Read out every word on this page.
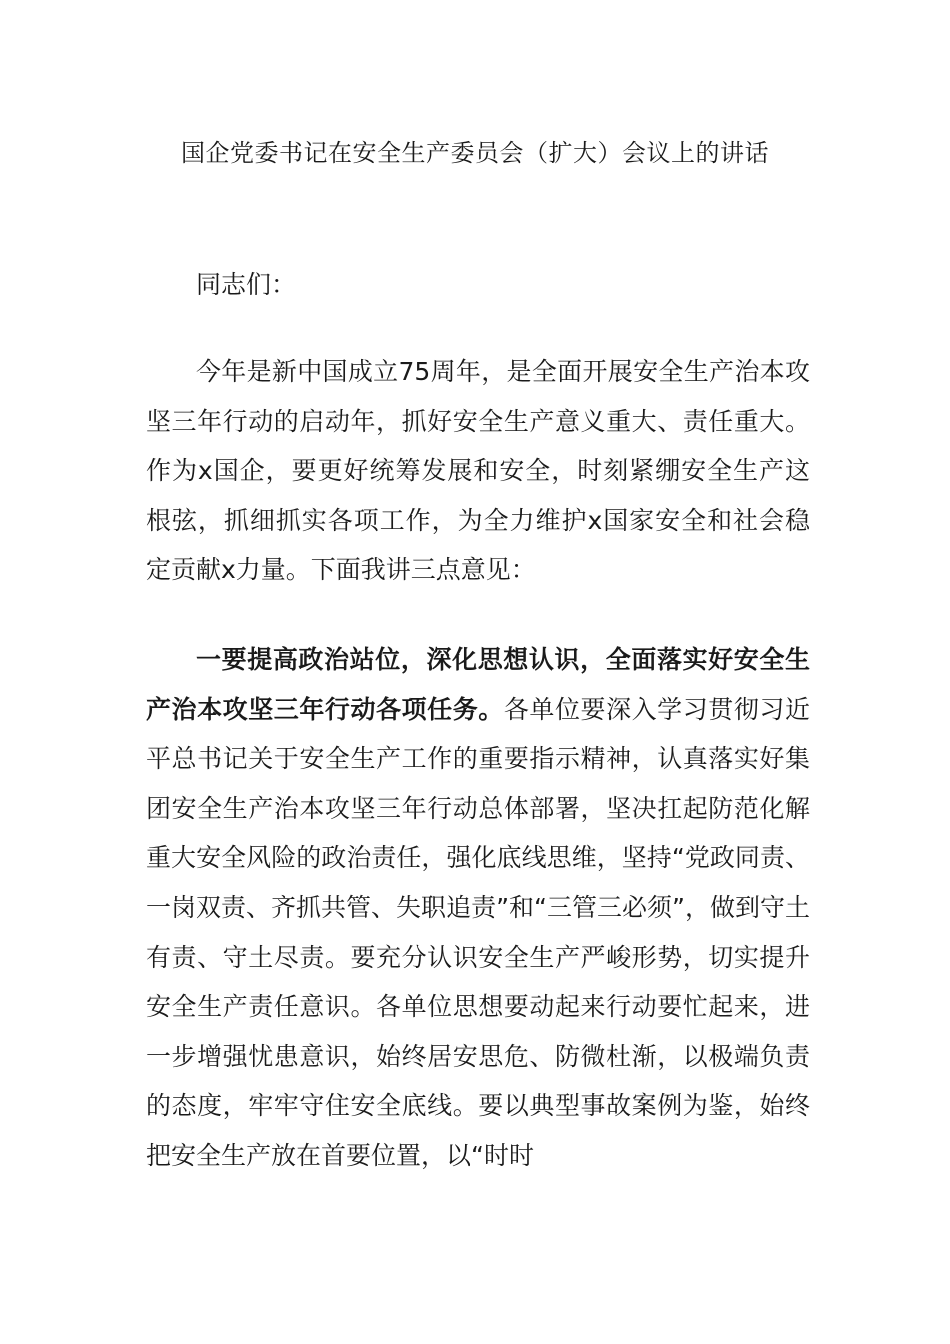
国企党委书记在安全生产委员会（扩大）会议上的讲话

同志们：

今年是新中国成立75周年，是全面开展安全生产治本攻坚三年行动的启动年，抓好安全生产意义重大、责任重大。作为x国企，要更好统筹发展和安全，时刻紧绷安全生产这根弦，抓细抓实各项工作，为全力维护x国家安全和社会稳定贡献x力量。下面我讲三点意见：

一要提高政治站位，深化思想认识，全面落实好安全生产治本攻坚三年行动各项任务。各单位要深入学习贯彻习近平总书记关于安全生产工作的重要指示精神，认真落实好集团安全生产治本攻坚三年行动总体部署，坚决扛起防范化解重大安全风险的政治责任，强化底线思维，坚持“党政同责、一岗双责、齐抓共管、失职追责”和“三管三必须”，做到守土有责、守土尽责。要充分认识安全生产严峻形势，切实提升安全生产责任意识。各单位思想要动起来行动要忙起来，进一步增强忧患意识，始终居安思危、防微杜渐，以极端负责的态度，牢牢守住安全底线。要以典型事故案例为鉴，始终把安全生产放在首要位置，以“时时
